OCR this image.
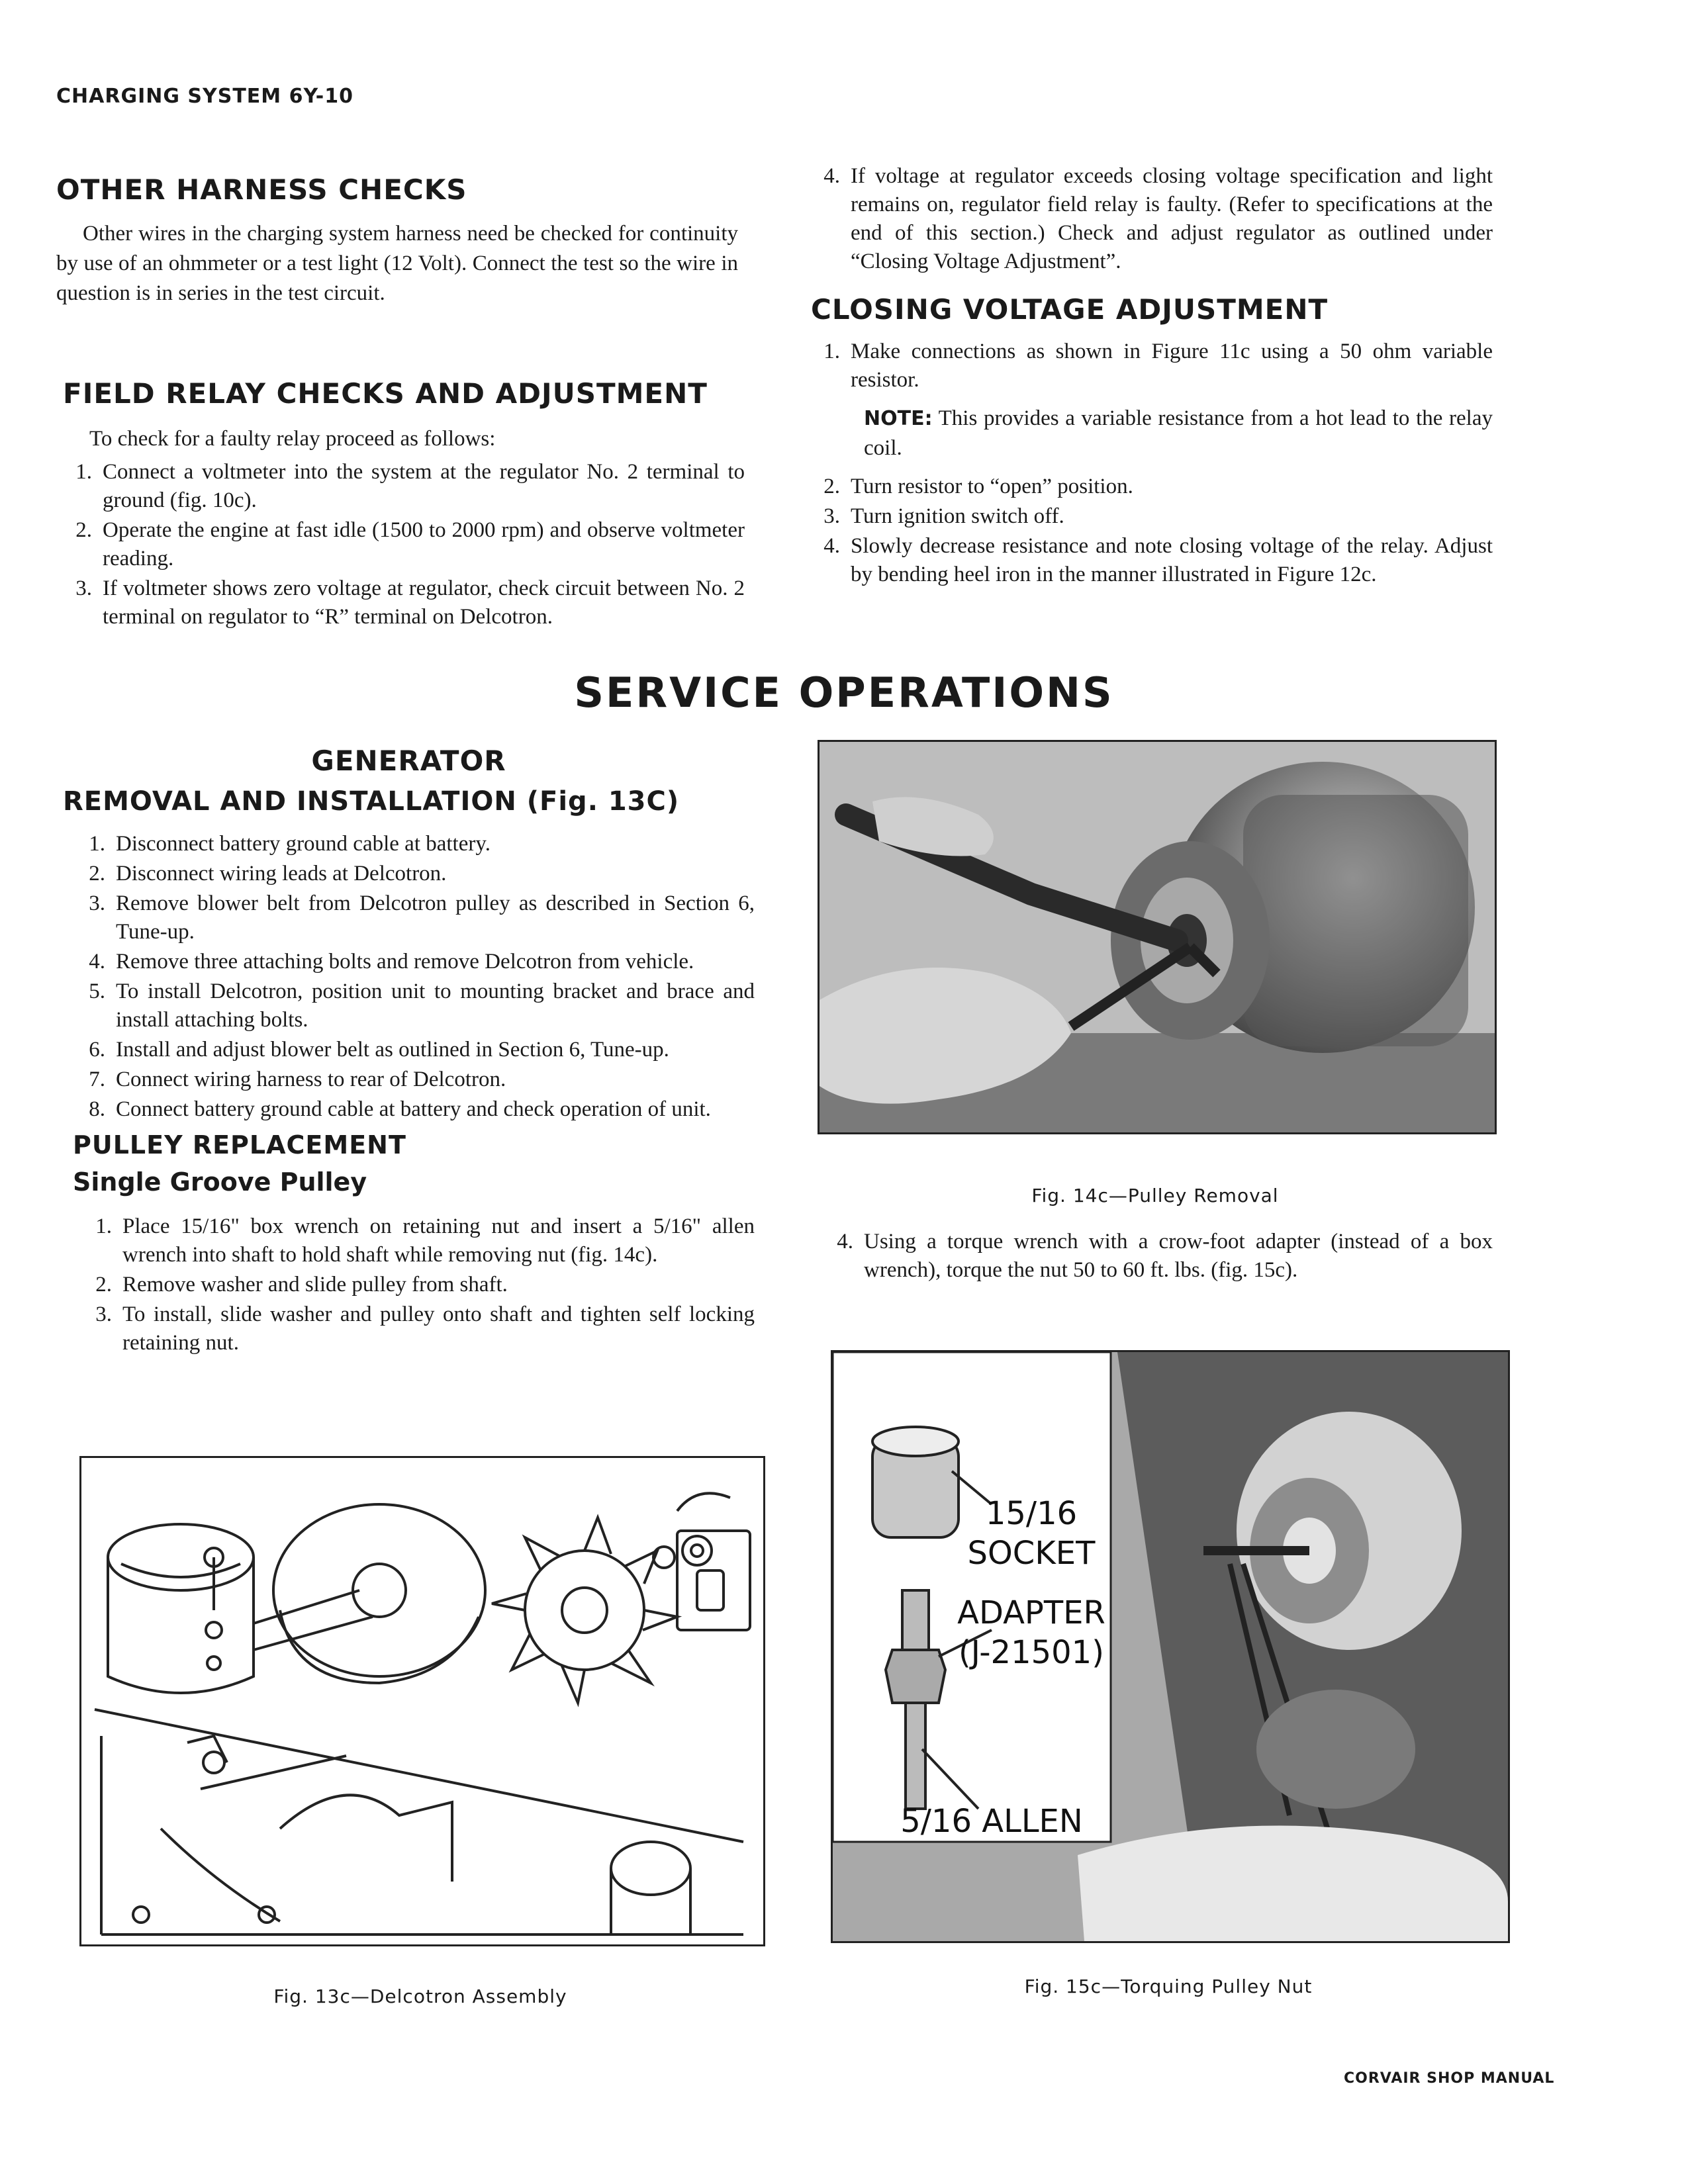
CHARGING SYSTEM 6Y-10
OTHER HARNESS CHECKS

Other wires in the charging system harness need be checked for continuity by use of an ohmmeter or a test light (12 Volt). Connect the test so the wire in question is in series in the test circuit.

FIELD RELAY CHECKS AND ADJUSTMENT

To check for a faulty relay proceed as follows:

1. Connect a voltmeter into the system at the regulator No. 2 terminal to ground (fig. 10c).
2. Operate the engine at fast idle (1500 to 2000 rpm) and observe voltmeter reading.
3. If voltmeter shows zero voltage at regulator, check circuit between No. 2 terminal on regulator to “R” terminal on Delcotron.
4. If voltage at regulator exceeds closing voltage specification and light remains on, regulator field relay is faulty. (Refer to specifications at the end of this section.) Check and adjust regulator as outlined under “Closing Voltage Adjustment”.
CLOSING VOLTAGE ADJUSTMENT
1. Make connections as shown in Figure 11c using a 50 ohm variable resistor.

NOTE: This provides a variable resistance from a hot lead to the relay coil.

2. Turn resistor to “open” position.
3. Turn ignition switch off.
4. Slowly decrease resistance and note closing voltage of the relay. Adjust by bending heel iron in the manner illustrated in Figure 12c.
SERVICE OPERATIONS
GENERATOR
REMOVAL AND INSTALLATION (Fig. 13C)
1. Disconnect battery ground cable at battery.
2. Disconnect wiring leads at Delcotron.
3. Remove blower belt from Delcotron pulley as described in Section 6, Tune-up.
4. Remove three attaching bolts and remove Delcotron from vehicle.
5. To install Delcotron, position unit to mounting bracket and brace and install attaching bolts.
6. Install and adjust blower belt as outlined in Section 6, Tune-up.
7. Connect wiring harness to rear of Delcotron.
8. Connect battery ground cable at battery and check operation of unit.
PULLEY REPLACEMENT
Single Groove Pulley
1. Place 15/16" box wrench on retaining nut and insert a 5/16" allen wrench into shaft to hold shaft while removing nut (fig. 14c).
2. Remove washer and slide pulley from shaft.
3. To install, slide washer and pulley onto shaft and tighten self locking retaining nut.
Fig. 14c—Pulley Removal
4. Using a torque wrench with a crow-foot adapter (instead of a box wrench), torque the nut 50 to 60 ft. lbs. (fig. 15c).
Fig. 13c—Delcotron Assembly
15/16
SOCKET
ADAPTER
(J-21501)
5/16 ALLEN
Fig. 15c—Torquing Pulley Nut
CORVAIR SHOP MANUAL
